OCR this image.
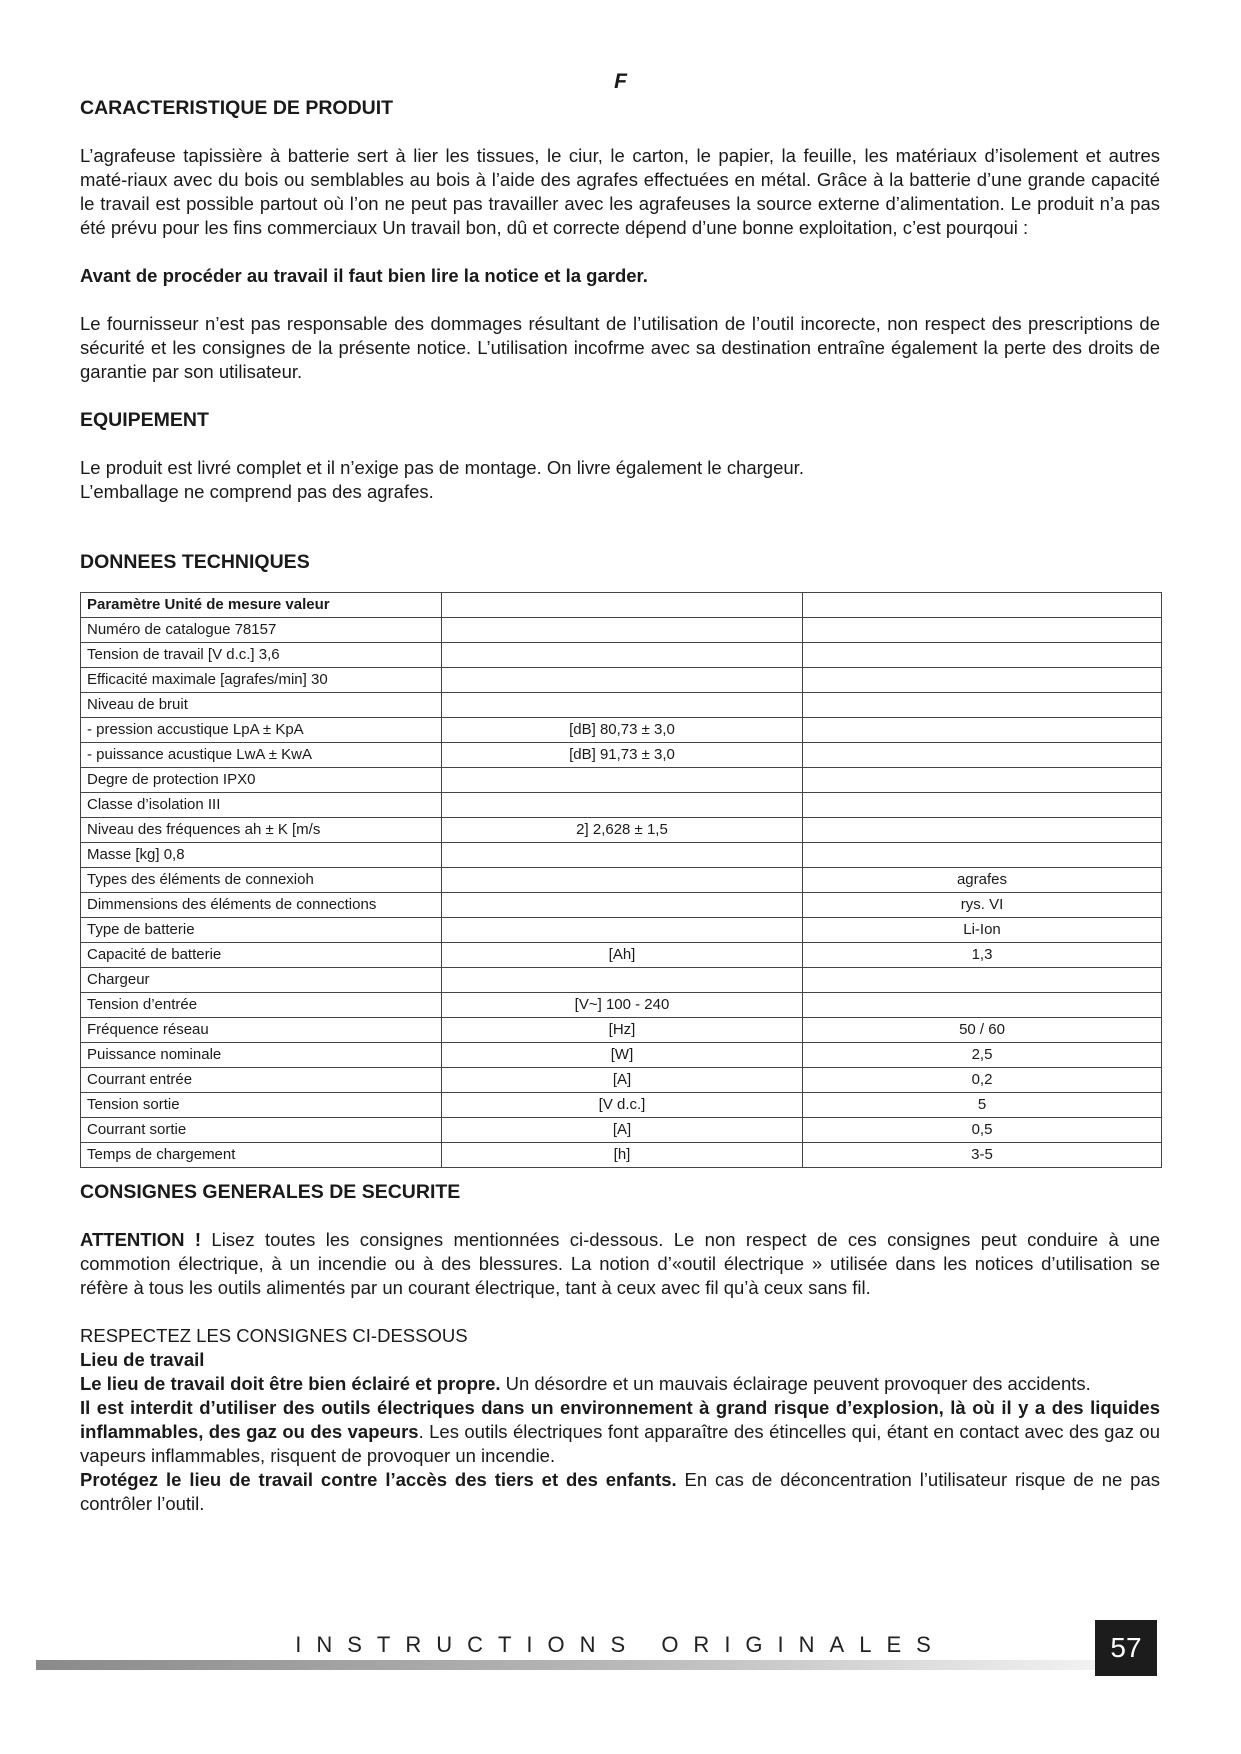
F
CARACTERISTIQUE DE PRODUIT

L’agrafeuse tapissière à batterie sert à lier les tissues, le ciur, le carton, le papier, la feuille, les matériaux d’isolement et autres maté-riaux avec du bois ou semblables au bois à l’aide des agrafes effectuées en métal. Grâce à la batterie d’une grande capacité le travail est possible partout où l’on ne peut pas travailler avec les agrafeuses la source externe d’alimentation. Le produit n’a pas été prévu pour les fins commerciaux Un travail bon, dû et correcte dépend d’une bonne exploitation, c’est pourqoui :

Avant de procéder au travail il faut bien lire la notice et la garder.

Le fournisseur n’est pas responsable des dommages résultant de l’utilisation de l’outil incorecte, non respect des prescriptions de sécurité et les consignes de la présente notice. L’utilisation incofrme avec sa destination entraîne également la perte des droits de garantie par son utilisateur.

EQUIPEMENT

Le produit est livré complet et il n’exige pas de montage. On livre également le chargeur.

L’emballage ne comprend pas des agrafes.

DONNEES TECHNIQUES
Paramètre Unité de mesure valeur		
Numéro de catalogue 78157		
Tension de travail [V d.c.] 3,6		
Efficacité maximale [agrafes/min] 30		
Niveau de bruit		
- pression accustique LpA ± KpA	[dB] 80,73 ± 3,0	
- puissance acustique LwA ± KwA	[dB] 91,73 ± 3,0	
Degre de protection IPX0		
Classe d’isolation III		
Niveau des fréquences ah ± K [m/s	2] 2,628 ± 1,5	
Masse [kg] 0,8		
Types des éléments de connexioh		agrafes
Dimmensions des éléments de connections		rys. VI
Type de batterie		Li-Ion
Capacité de batterie	[Ah]	1,3
Chargeur		
Tension d’entrée	[V~] 100 - 240	
Fréquence réseau	[Hz]	50 / 60
Puissance nominale	[W]	2,5
Courrant entrée	[A]	0,2
Tension sortie	[V d.c.]	5
Courrant sortie	[A]	0,5
Temps de chargement	[h]	3-5
CONSIGNES GENERALES DE SECURITE

ATTENTION ! Lisez toutes les consignes mentionnées ci-dessous. Le non respect de ces consignes peut conduire à une commotion électrique, à un incendie ou à des blessures. La notion d’«outil électrique » utilisée dans les notices d’utilisation se réfère à tous les outils alimentés par un courant électrique, tant à ceux avec fil qu’à ceux sans fil.

RESPECTEZ LES CONSIGNES CI-DESSOUS

Lieu de travail

Le lieu de travail doit être bien éclairé et propre. Un désordre et un mauvais éclairage peuvent provoquer des accidents.

Il est interdit d’utiliser des outils électriques dans un environnement à grand risque d’explosion, là où il y a des liquides inflammables, des gaz ou des vapeurs. Les outils électriques font apparaître des étincelles qui, étant en contact avec des gaz ou vapeurs inflammables, risquent de provoquer un incendie.

Protégez le lieu de travail contre l’accès des tiers et des enfants. En cas de déconcentration l’utilisateur risque de ne pas contrôler l’outil.

INSTRUCTIONS ORIGINALES	57
